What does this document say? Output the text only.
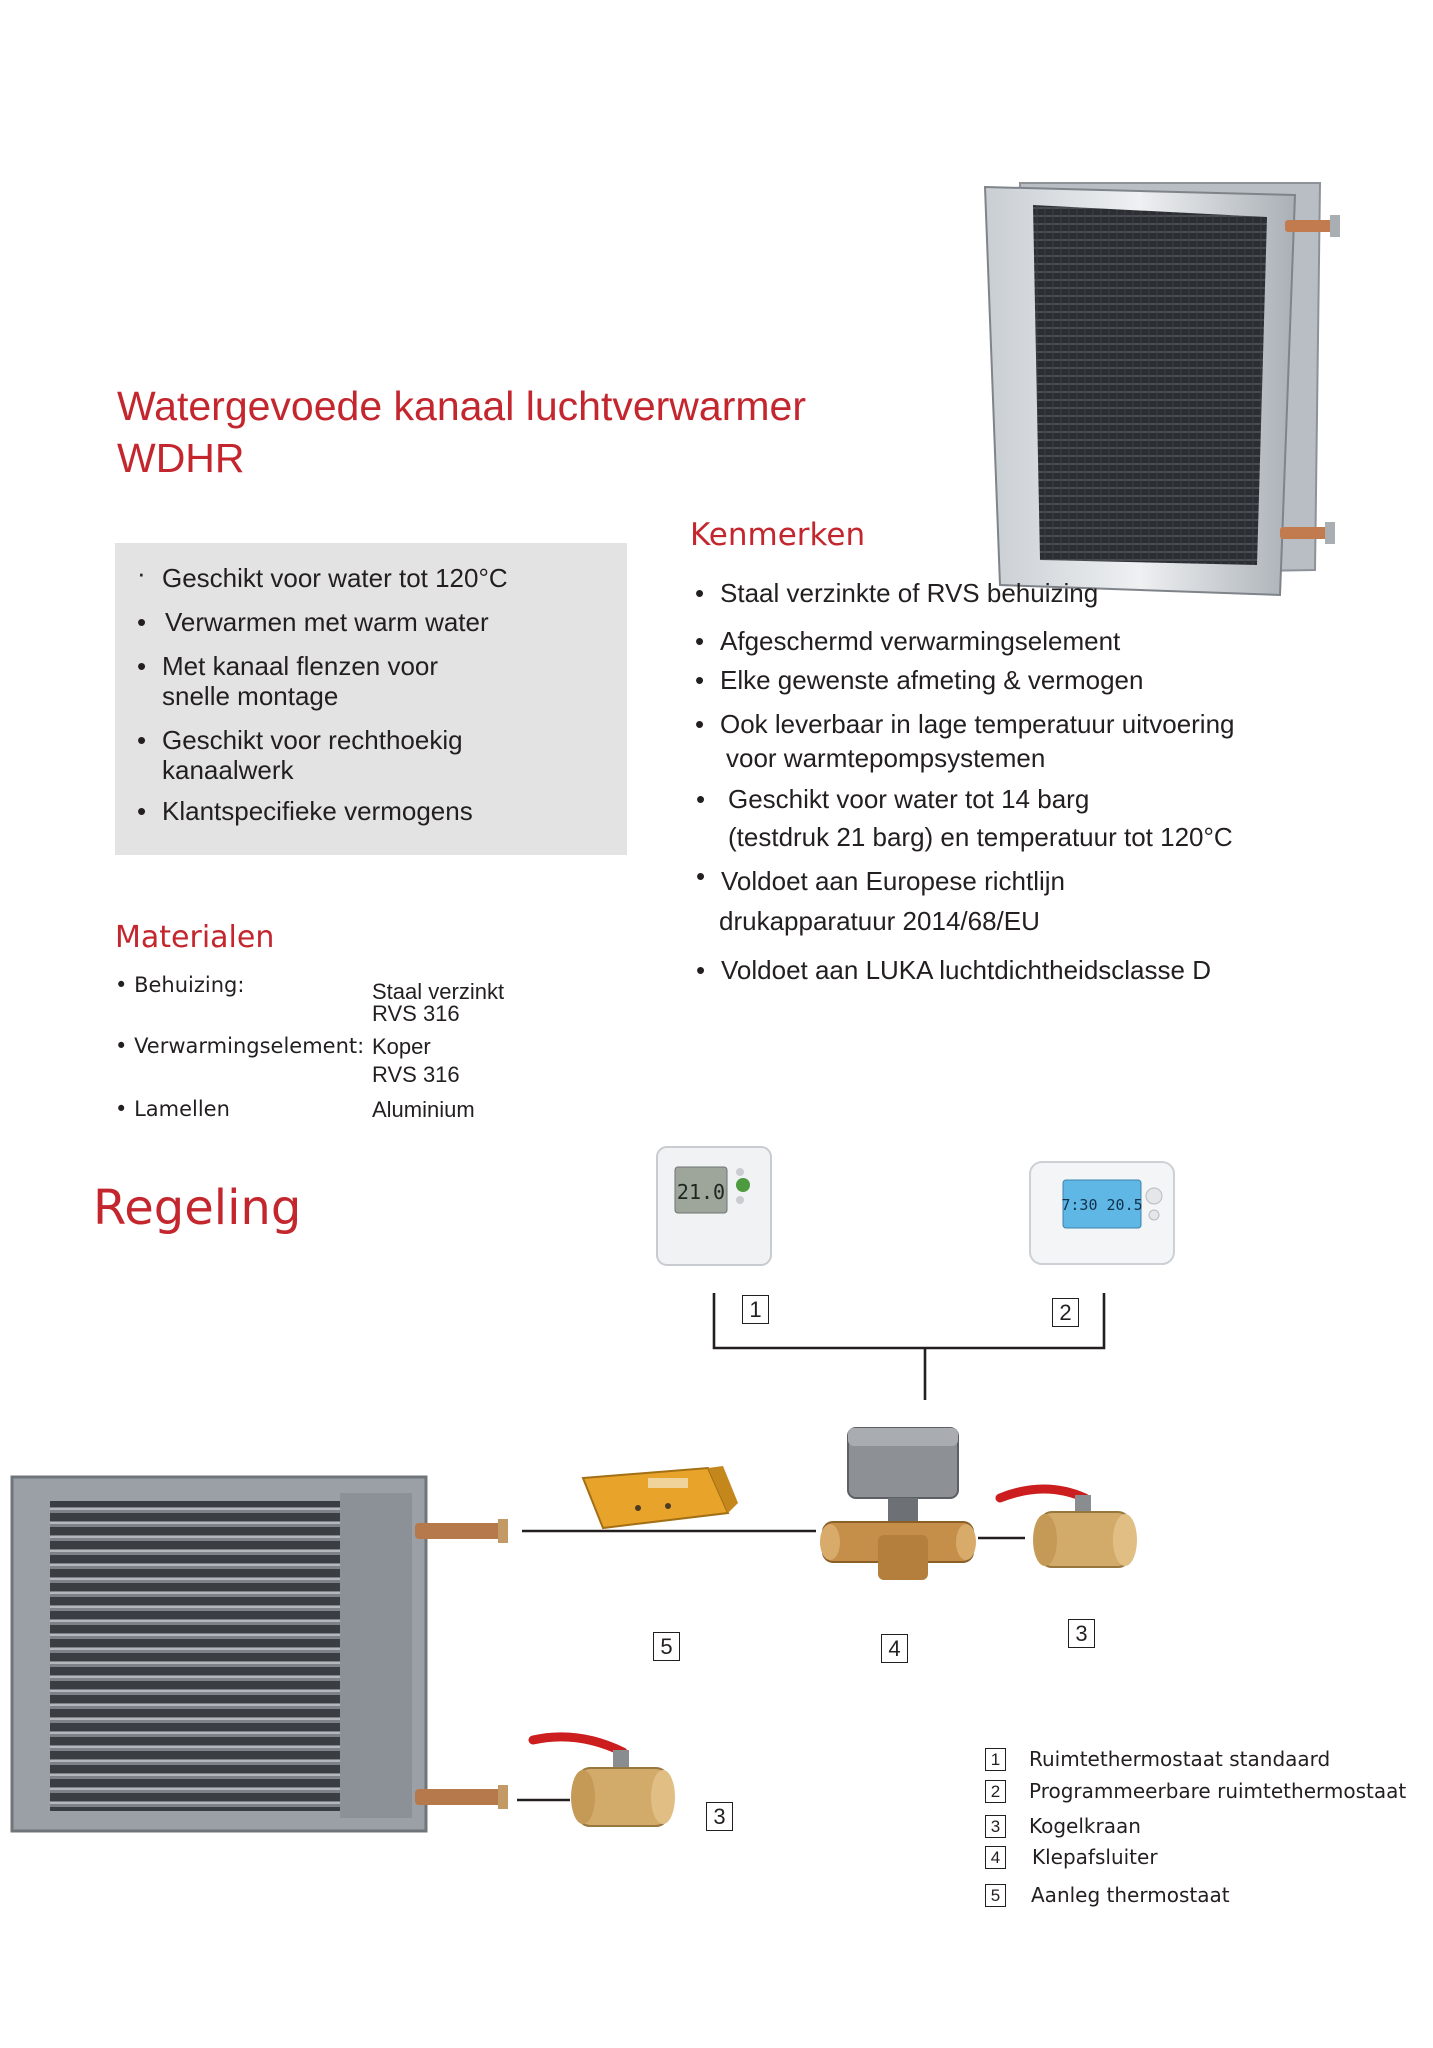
Watergevoede kanaal luchtverwarmer
WDHR
· Geschikt voor water tot 120°C
• Verwarmen met warm water
• Met kanaal flenzen voor
snelle montage
• Geschikt voor rechthoekig
kanaalwerk
• Klantspecifieke vermogens
Kenmerken
• Staal verzinkte of RVS behuizing
• Afgeschermd verwarmingselement
• Elke gewenste afmeting & vermogen
• Ook leverbaar in lage temperatuur uitvoering
voor warmtepompsystemen
• Geschikt voor water tot 14 barg
(testdruk 21 barg) en temperatuur tot 120°C
• Voldoet aan Europese richtlijn
drukapparatuur 2014/68/EU
• Voldoet aan LUKA luchtdichtheidsclasse D
Materialen
• Behuizing:	Staal verzinkt
RVS 316
• Verwarmingselement: Koper
RVS 316
• Lamellen	Aluminium
Regeling	21.0
7:30 20.5
1	2
3
4
5
3
1 Ruimtethermostaat standaard
2 Programmeerbare ruimtethermostaat
3 Kogelkraan
4 Klepafsluiter
5 Aanleg thermostaat
